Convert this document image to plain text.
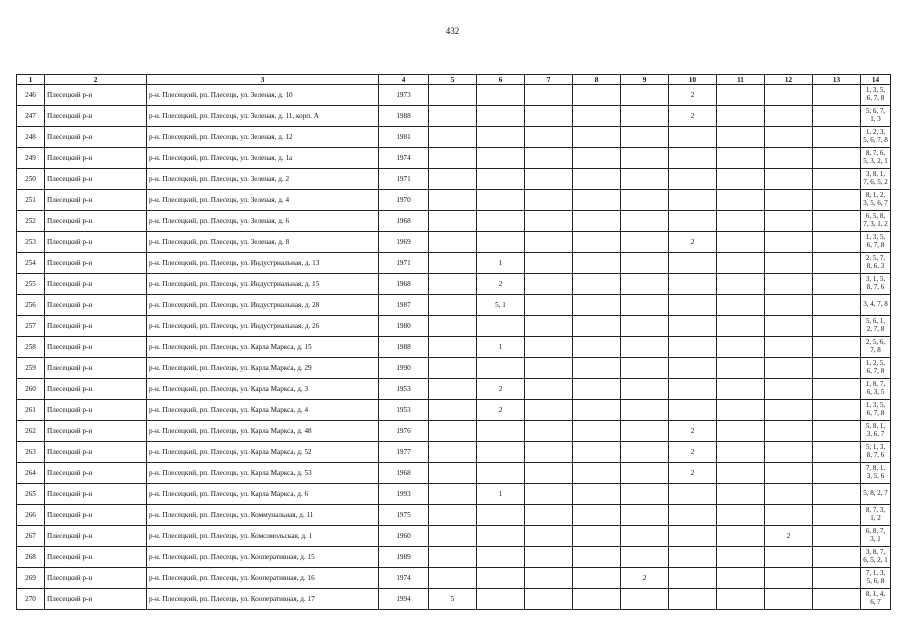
432
1	2	3	4	5	6	7	8	9	10	11	12	13	14
246	Плесецкий р-н	р-н. Плесецкий, рп. Плесецк, ул. Зеленая, д. 10	1973						2				1, 3, 5, 6, 7, 8
247	Плесецкий р-н	р-н. Плесецкий, рп. Плесецк, ул. Зеленая, д. 11, корп. А	1988						2				5, 6, 7, 1, 3
248	Плесецкий р-н	р-н. Плесецкий, рп. Плесецк, ул. Зеленая, д. 12	1981										1, 2, 3, 5, 6, 7, 8
249	Плесецкий р-н	р-н. Плесецкий, рп. Плесецк, ул. Зеленая, д. 1а	1974										8, 7, 6, 5, 3, 2, 1
250	Плесецкий р-н	р-н. Плесецкий, рп. Плесецк, ул. Зеленая, д. 2	1971										3, 8, 1, 7, 6, 5, 2
251	Плесецкий р-н	р-н. Плесецкий, рп. Плесецк, ул. Зеленая, д. 4	1970										8, 1, 2, 3, 5, 6, 7
252	Плесецкий р-н	р-н. Плесецкий, рп. Плесецк, ул. Зеленая, д. 6	1968										6, 5, 8, 7, 3, 1, 2
253	Плесецкий р-н	р-н. Плесецкий, рп. Плесецк, ул. Зеленая, д. 8	1969						2				1, 3, 5, 6, 7, 8
254	Плесецкий р-н	р-н. Плесецкий, рп. Плесецк, ул. Индустриальная, д. 13	1971		1								2, 5, 7, 8, 6, 3
255	Плесецкий р-н	р-н. Плесецкий, рп. Плесецк, ул. Индустриальная, д. 15	1968		2								3, 1, 5, 8, 7, 6
256	Плесецкий р-н	р-н. Плесецкий, рп. Плесецк, ул. Индустриальная, д. 28	1987		5, 1								3, 4, 7, 8
257	Плесецкий р-н	р-н. Плесецкий, рп. Плесецк, ул. Индустриальная, д. 26	1980										5, 6, 1, 2, 7, 8
258	Плесецкий р-н	р-н. Плесецкий, рп. Плесецк, ул. Карла Маркса, д. 15	1988		1								2, 5, 6, 7, 8
259	Плесецкий р-н	р-н. Плесецкий, рп. Плесецк, ул. Карла Маркса, д. 29	1990										1, 2, 5, 6, 7, 8
260	Плесецкий р-н	р-н. Плесецкий, рп. Плесецк, ул. Карла Маркса, д. 3	1953		2								1, 8, 7, 6, 3, 5
261	Плесецкий р-н	р-н. Плесецкий, рп. Плесецк, ул. Карла Маркса, д. 4	1953		2								1, 3, 5, 6, 7, 8
262	Плесецкий р-н	р-н. Плесецкий, рп. Плесецк, ул. Карла Маркса, д. 48	1976						2				5, 8, 1, 3, 6, 7
263	Плесецкий р-н	р-н. Плесецкий, рп. Плесецк, ул. Карла Маркса, д. 52	1977						2				5, 1, 3, 8, 7, 6
264	Плесецкий р-н	р-н. Плесецкий, рп. Плесецк, ул. Карла Маркса, д. 53	1968						2				7, 8, 1, 3, 5, 6
265	Плесецкий р-н	р-н. Плесецкий, рп. Плесецк, ул. Карла Маркса, д. 6	1993		1								5, 8, 2, 7
266	Плесецкий р-н	р-н. Плесецкий, рп. Плесецк, ул. Коммунальная, д. 11	1975										8, 7, 3, 1, 2
267	Плесецкий р-н	р-н. Плесецкий, рп. Плесецк, ул. Комсомольская, д. 1	1960								2		6, 8, 7, 3, 1
268	Плесецкий р-н	р-н. Плесецкий, рп. Плесецк, ул. Кооперативная, д. 15	1989										3, 8, 7, 6, 5, 2, 1
269	Плесецкий р-н	р-н. Плесецкий, рп. Плесецк, ул. Кооперативная, д. 16	1974					2					7, 1, 3, 5, 6, 8
270	Плесецкий р-н	р-н. Плесецкий, рп. Плесецк, ул. Кооперативная, д. 17	1994	5									8, 1, 4, 6, 7
